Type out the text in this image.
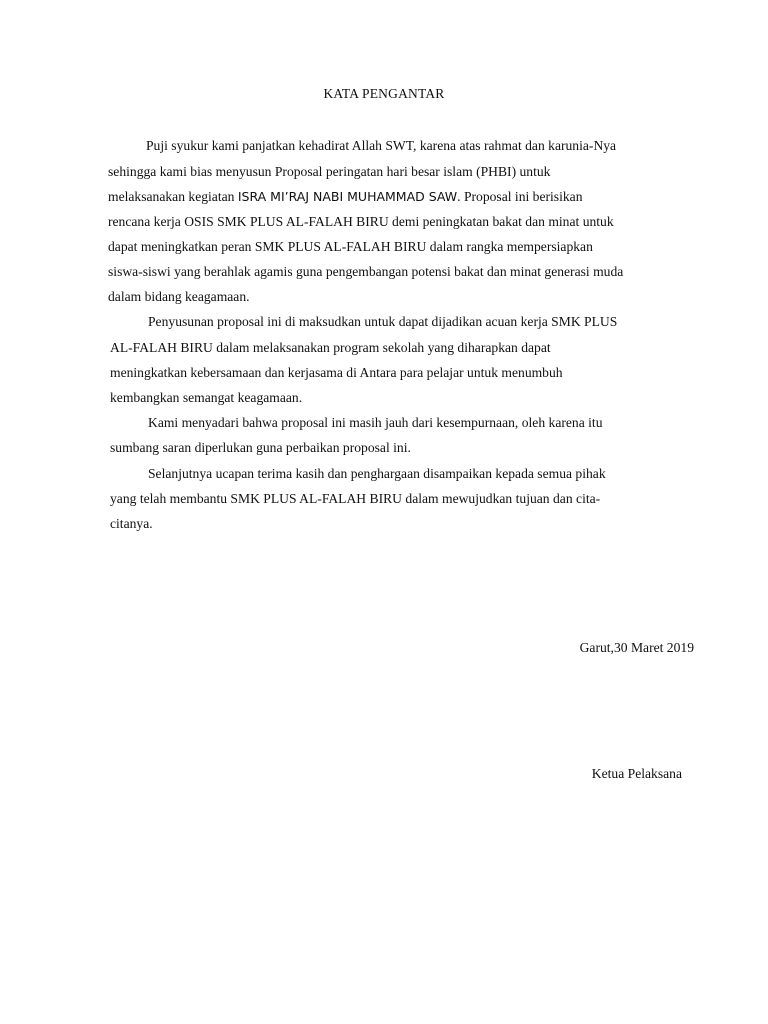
KATA PENGANTAR
Puji syukur kami panjatkan kehadirat Allah SWT, karena atas rahmat dan karunia-Nya
sehingga kami bias menyusun Proposal peringatan hari besar islam (PHBI) untuk
melaksanakan kegiatan ISRA MI’RAJ NABI MUHAMMAD SAW. Proposal ini berisikan
rencana kerja OSIS SMK PLUS AL-FALAH BIRU demi peningkatan bakat dan minat untuk
dapat meningkatkan peran SMK PLUS AL-FALAH BIRU dalam rangka mempersiapkan
siswa-siswi yang berahlak agamis guna pengembangan potensi bakat dan minat generasi muda
dalam bidang keagamaan.
Penyusunan proposal ini di maksudkan untuk dapat dijadikan acuan kerja SMK PLUS
AL-FALAH BIRU dalam melaksanakan program sekolah yang diharapkan dapat
meningkatkan kebersamaan dan kerjasama di Antara para pelajar untuk menumbuh
kembangkan semangat keagamaan.
Kami menyadari bahwa proposal ini masih jauh dari kesempurnaan, oleh karena itu
sumbang saran diperlukan guna perbaikan proposal ini.
Selanjutnya ucapan terima kasih dan penghargaan disampaikan kepada semua pihak
yang telah membantu SMK PLUS AL-FALAH BIRU dalam mewujudkan tujuan dan cita-
citanya.
Garut,30 Maret 2019
Ketua Pelaksana
